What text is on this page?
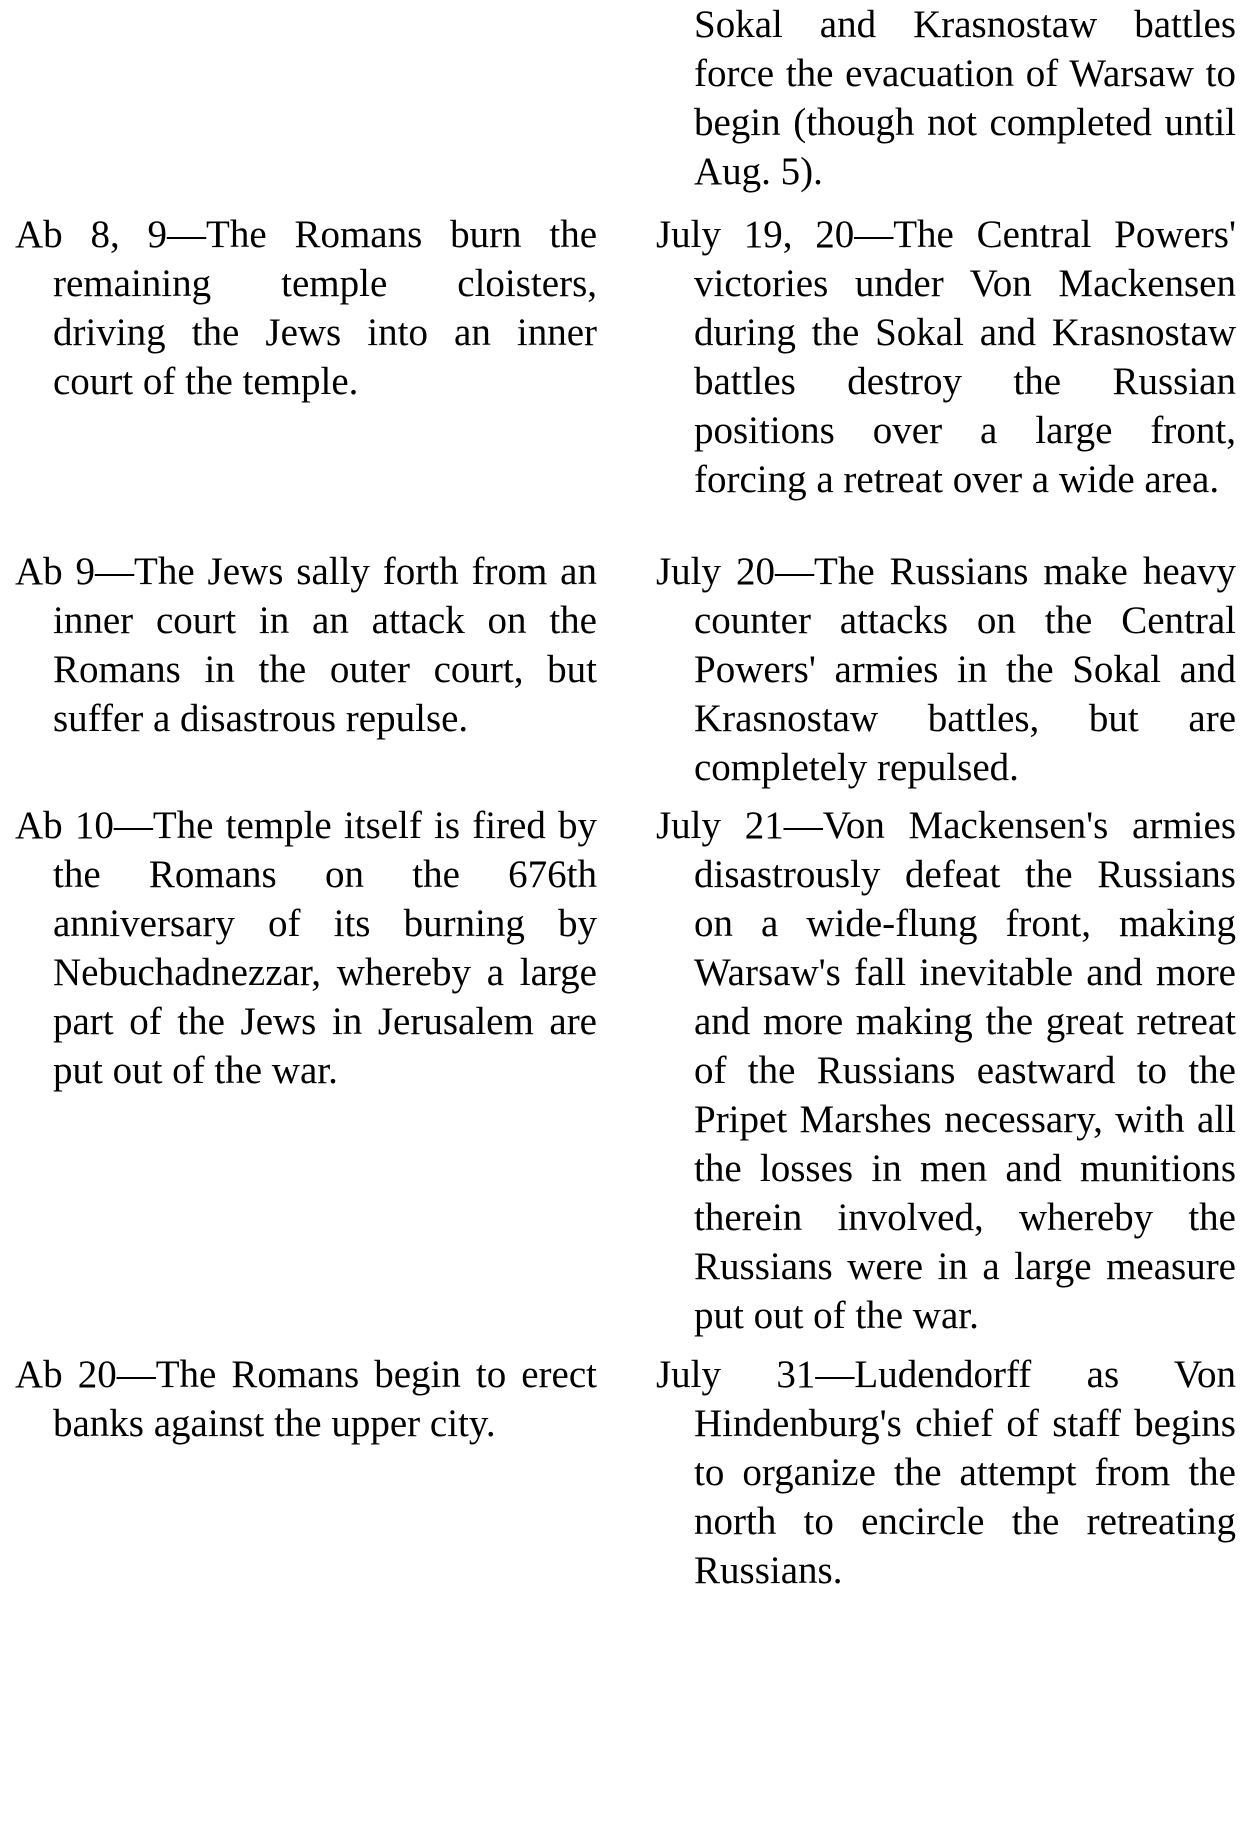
Sokal and Krasnostaw battles force the evacuation of Warsaw to begin (though not completed until Aug. 5).

Ab 8, 9—The Romans burn the remaining temple cloisters, driving the Jews into an inner court of the temple.

July 19, 20—The Central Powers' victories under Von Mackensen during the Sokal and Krasnostaw battles destroy the Russian positions over a large front, forcing a retreat over a wide area.

Ab 9—The Jews sally forth from an inner court in an attack on the Romans in the outer court, but suffer a disastrous repulse.

July 20—The Russians make heavy counter attacks on the Central Powers' armies in the Sokal and Krasnostaw battles, but are completely repulsed.

Ab 10—The temple itself is fired by the Romans on the 676th anniversary of its burning by Nebuchadnezzar, whereby a large part of the Jews in Jerusalem are put out of the war.

July 21—Von Mackensen's armies disastrously defeat the Russians on a wide-flung front, making Warsaw's fall inevitable and more and more making the great retreat of the Russians eastward to the Pripet Marshes necessary, with all the losses in men and munitions therein involved, whereby the Russians were in a large measure put out of the war.

Ab 20—The Romans begin to erect banks against the upper city.

July 31—Ludendorff as Von Hindenburg's chief of staff begins to organize the attempt from the north to encircle the retreating Russians.
